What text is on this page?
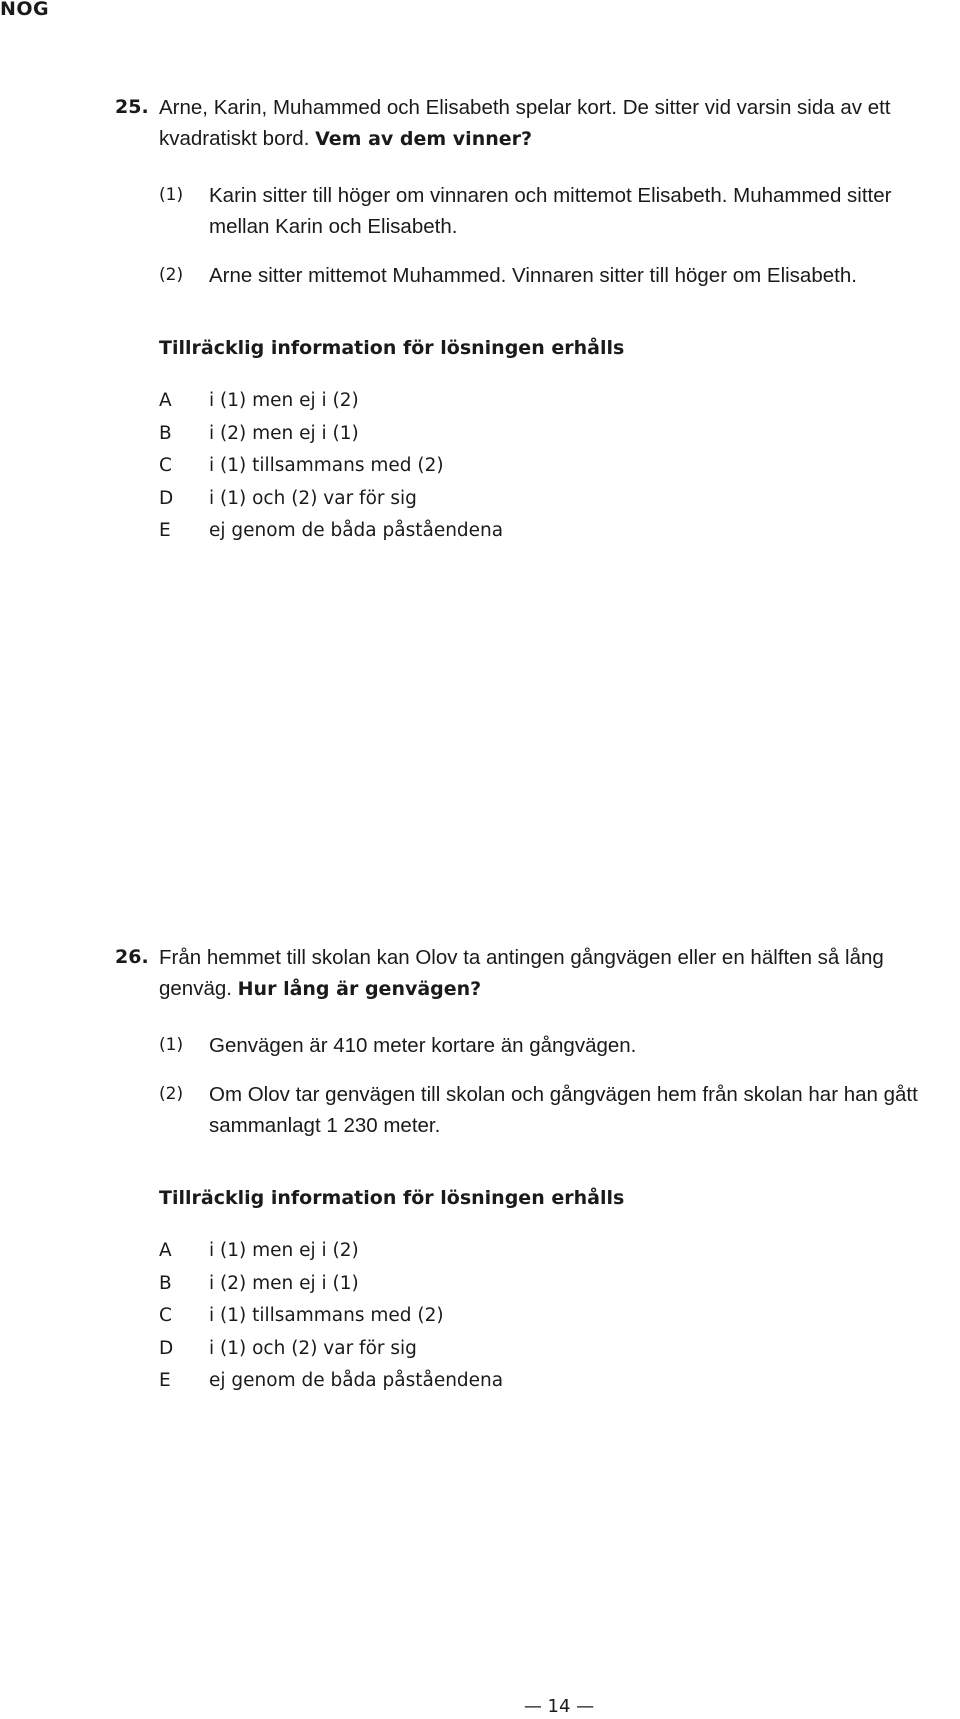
NOG
25. Arne, Karin, Muhammed och Elisabeth spelar kort. De sitter vid varsin sida av ett kvadratiskt bord. Vem av dem vinner?
(1)	Karin sitter till höger om vinnaren och mittemot Elisabeth. Muhammed sitter mellan Karin och Elisabeth.
(2)	Arne sitter mittemot Muhammed. Vinnaren sitter till höger om Elisabeth.
Tillräcklig information för lösningen erhålls
A	i (1) men ej i (2)
B	i (2) men ej i (1)
C	i (1) tillsammans med (2)
D	i (1) och (2) var för sig
E	ej genom de båda påståendena
26. Från hemmet till skolan kan Olov ta antingen gångvägen eller en hälften så lång genväg. Hur lång är genvägen?
(1)	Genvägen är 410 meter kortare än gångvägen.
(2)	Om Olov tar genvägen till skolan och gångvägen hem från skolan har han gått sammanlagt 1 230 meter.
Tillräcklig information för lösningen erhålls
A	i (1) men ej i (2)
B	i (2) men ej i (1)
C	i (1) tillsammans med (2)
D	i (1) och (2) var för sig
E	ej genom de båda påståendena
— 14 —
